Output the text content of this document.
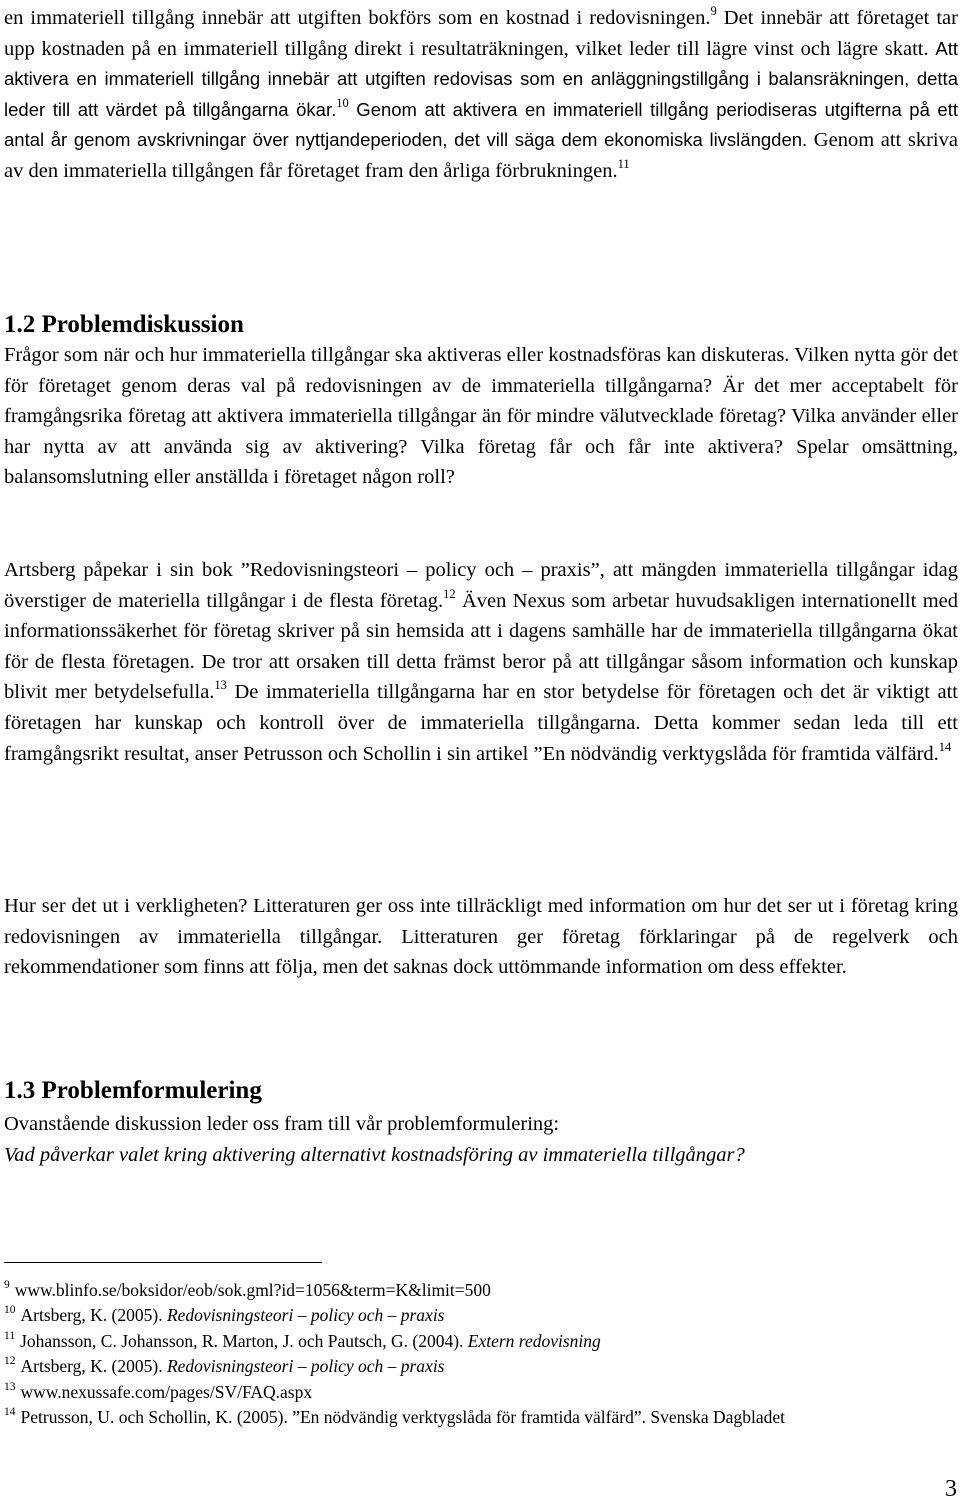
en immateriell tillgång innebär att utgiften bokförs som en kostnad i redovisningen.$^9$ Det innebär att företaget tar upp kostnaden på en immateriell tillgång direkt i resultaträkningen, vilket leder till lägre vinst och lägre skatt. Att aktivera en immateriell tillgång innebär att utgiften redovisas som en anläggningstillgång i balansräkningen, detta leder till att värdet på tillgångarna ökar.$^{10}$ Genom att aktivera en immateriell tillgång periodiseras utgifterna på ett antal år genom avskrivningar över nyttjandeperioden, det vill säga dem ekonomiska livslängden. Genom att skriva av den immateriella tillgången får företaget fram den årliga förbrukningen.$^{11}$
1.2 Problemdiskussion
Frågor som när och hur immateriella tillgångar ska aktiveras eller kostnadsföras kan diskuteras. Vilken nytta gör det för företaget genom deras val på redovisningen av de immateriella tillgångarna? Är det mer acceptabelt för framgångsrika företag att aktivera immateriella tillgångar än för mindre välutvecklade företag? Vilka använder eller har nytta av att använda sig av aktivering? Vilka företag får och får inte aktivera? Spelar omsättning, balansomslutning eller anställda i företaget någon roll?
Artsberg påpekar i sin bok ”Redovisningsteori – policy och – praxis”, att mängden immateriella tillgångar idag överstiger de materiella tillgångar i de flesta företag.$^{12}$ Även Nexus som arbetar huvudsakligen internationellt med informationssäkerhet för företag skriver på sin hemsida att i dagens samhälle har de immateriella tillgångarna ökat för de flesta företagen. De tror att orsaken till detta främst beror på att tillgångar såsom information och kunskap blivit mer betydelsefulla.$^{13}$ De immateriella tillgångarna har en stor betydelse för företagen och det är viktigt att företagen har kunskap och kontroll över de immateriella tillgångarna. Detta kommer sedan leda till ett framgångsrikt resultat, anser Petrusson och Schollin i sin artikel ”En nödvändig verktygslåda för framtida välfärd.$^{14}$
Hur ser det ut i verkligheten? Litteraturen ger oss inte tillräckligt med information om hur det ser ut i företag kring redovisningen av immateriella tillgångar. Litteraturen ger företag förklaringar på de regelverk och rekommendationer som finns att följa, men det saknas dock uttömmande information om dess effekter.
1.3 Problemformulering
Ovanstående diskussion leder oss fram till vår problemformulering:
Vad påverkar valet kring aktivering alternativt kostnadsföring av immateriella tillgångar?
$^9$ www.blinfo.se/boksidor/eob/sok.gml?id=1056&term=K&limit=500
$^{10}$ Artsberg, K. (2005). Redovisningsteori – policy och – praxis
$^{11}$ Johansson, C. Johansson, R. Marton, J. och Pautsch, G. (2004). Extern redovisning
$^{12}$ Artsberg, K. (2005). Redovisningsteori – policy och – praxis
$^{13}$ www.nexussafe.com/pages/SV/FAQ.aspx
$^{14}$ Petrusson, U. och Schollin, K. (2005). ”En nödvändig verktygslåda för framtida välfärd”. Svenska Dagbladet
3
